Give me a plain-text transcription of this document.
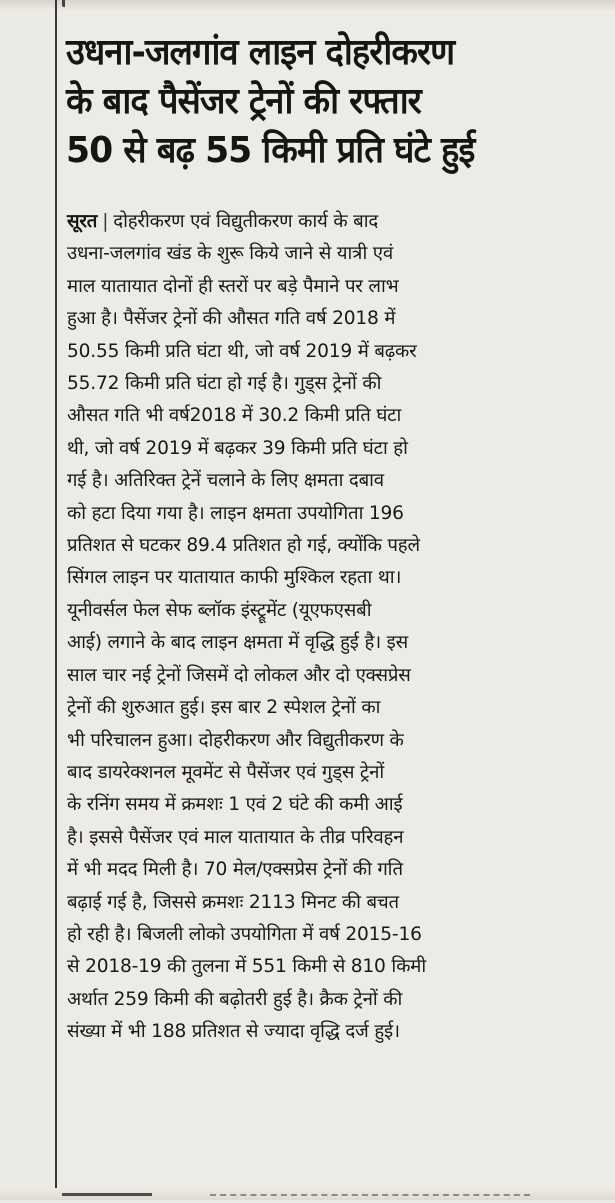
उधना-जलगांव लाइन दोहरीकरण
के बाद पैसेंजर ट्रेनों की रफ्तार
50 से बढ़ 55 किमी प्रति घंटे हुई

सूरत | दोहरीकरण एवं विद्युतीकरण कार्य के बाद
उधना-जलगांव खंड के शुरू किये जाने से यात्री एवं
माल यातायात दोनों ही स्तरों पर बड़े पैमाने पर लाभ
हुआ है। पैसेंजर ट्रेनों की औसत गति वर्ष 2018 में
50.55 किमी प्रति घंटा थी, जो वर्ष 2019 में बढ़कर
55.72 किमी प्रति घंटा हो गई है। गुड्स ट्रेनों की
औसत गति भी वर्ष2018 में 30.2 किमी प्रति घंटा
थी, जो वर्ष 2019 में बढ़कर 39 किमी प्रति घंटा हो
गई है। अतिरिक्त ट्रेनें चलाने के लिए क्षमता दबाव
को हटा दिया गया है। लाइन क्षमता उपयोगिता 196
प्रतिशत से घटकर 89.4 प्रतिशत हो गई, क्योंकि पहले
सिंगल लाइन पर यातायात काफी मुश्किल रहता था।
यूनीवर्सल फेल सेफ ब्लॉक इंस्ट्रूमेंट (यूएफएसबी
आई) लगाने के बाद लाइन क्षमता में वृद्धि हुई है। इस
साल चार नई ट्रेनों जिसमें दो लोकल और दो एक्सप्रेस
ट्रेनों की शुरुआत हुई। इस बार 2 स्पेशल ट्रेनों का
भी परिचालन हुआ। दोहरीकरण और विद्युतीकरण के
बाद डायरेक्शनल मूवमेंट से पैसेंजर एवं गुड्स ट्रेनों
के रनिंग समय में क्रमशः 1 एवं 2 घंटे की कमी आई
है। इससे पैसेंजर एवं माल यातायात के तीव्र परिवहन
में भी मदद मिली है। 70 मेल/एक्सप्रेस ट्रेनों की गति
बढ़ाई गई है, जिससे क्रमशः 2113 मिनट की बचत
हो रही है। बिजली लोको उपयोगिता में वर्ष 2015-16
से 2018-19 की तुलना में 551 किमी से 810 किमी
अर्थात 259 किमी की बढ़ोतरी हुई है। क्रैक ट्रेनों की
संख्या में भी 188 प्रतिशत से ज्यादा वृद्धि दर्ज हुई।
